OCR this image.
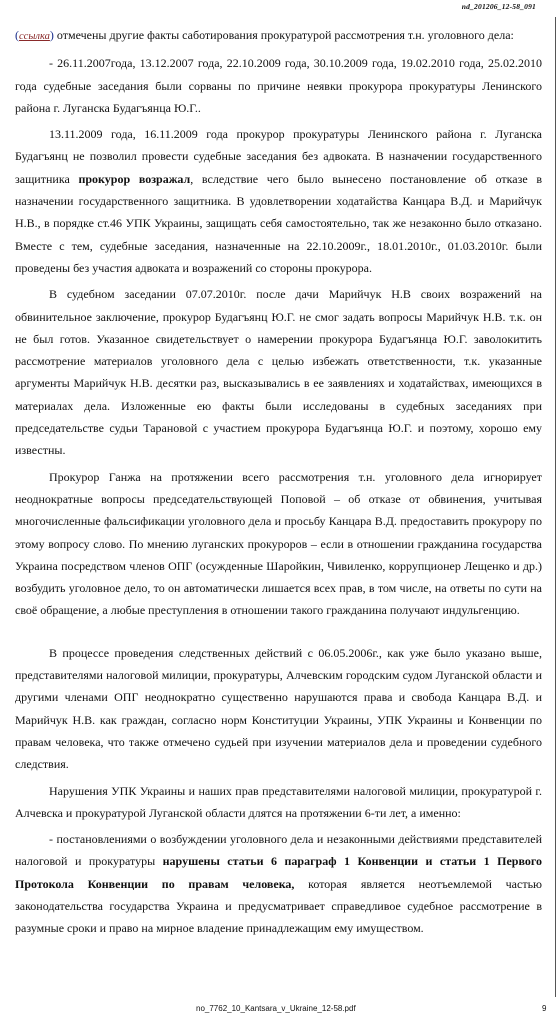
nd_201206_12-58_091

(ссылка) отмечены другие факты саботирования прокуратурой рассмотрения т.н. уголовного дела:

- 26.11.2007года, 13.12.2007 года, 22.10.2009 года, 30.10.2009 года, 19.02.2010 года, 25.02.2010 года судебные заседания были сорваны по причине неявки прокурора прокуратуры Ленинского района г. Луганска Будагъянца Ю.Г..

13.11.2009 года, 16.11.2009 года прокурор прокуратуры Ленинского района г. Луганска Будагъянц не позволил провести судебные заседания без адвоката. В назначении государственного защитника прокурор возражал, вследствие чего было вынесено постановление об отказе в назначении государственного защитника. В удовлетворении ходатайства Канцара В.Д. и Марийчук Н.В., в порядке ст.46 УПК Украины, защищать себя самостоятельно, так же незаконно было отказано. Вместе с тем, судебные заседания, назначенные на 22.10.2009г., 18.01.2010г., 01.03.2010г. были проведены без участия адвоката и возражений со стороны прокурора.

В судебном заседании 07.07.2010г. после дачи Марийчук Н.В своих возражений на обвинительное заключение, прокурор Будагъянц Ю.Г. не смог задать вопросы Марийчук Н.В. т.к. он не был готов. Указанное свидетельствует о намерении прокурора Будагъянца Ю.Г. заволокитить рассмотрение материалов уголовного дела с целью избежать ответственности, т.к. указанные аргументы Марийчук Н.В. десятки раз, высказывались в ее заявлениях и ходатайствах, имеющихся в материалах дела. Изложенные ею факты были исследованы в судебных заседаниях при председательстве судьи Тарановой с участием прокурора Будагъянца Ю.Г. и поэтому, хорошо ему известны.

Прокурор Ганжа на протяжении всего рассмотрения т.н. уголовного дела игнорирует неоднократные вопросы председательствующей Поповой – об отказе от обвинения, учитывая многочисленные фальсификации уголовного дела и просьбу Канцара В.Д. предоставить прокурору по этому вопросу слово. По мнению луганских прокуроров – если в отношении гражданина государства Украина посредством членов ОПГ (осужденные Шаройкин, Чивиленко, коррупционер Лещенко и др.) возбудить уголовное дело, то он автоматически лишается всех прав, в том числе, на ответы по сути на своё обращение, а любые преступления в отношении такого гражданина получают индульгенцию.

В процессе проведения следственных действий с 06.05.2006г., как уже было указано выше, представителями налоговой милиции, прокуратуры, Алчевским городским судом Луганской области и другими членами ОПГ неоднократно существенно нарушаются права и свобода Канцара В.Д. и Марийчук Н.В. как граждан, согласно норм Конституции Украины, УПК Украины и Конвенции по правам человека, что также отмечено судьей при изучении материалов дела и проведении судебного следствия.

Нарушения УПК Украины и наших прав представителями налоговой милиции, прокуратурой г. Алчевска и прокуратурой Луганской области длятся на протяжении 6-ти лет, а именно:

- постановлениями о возбуждении уголовного дела и незаконными действиями представителей налоговой и прокуратуры нарушены статьи 6 параграф 1 Конвенции и статьи 1 Первого Протокола Конвенции по правам человека, которая является неотъемлемой частью законодательства государства Украина и предусматривает справедливое судебное рассмотрение в разумные сроки и право на мирное владение принадлежащим ему имуществом.

no_7762_10_Kantsara_v_Ukraine_12-58.pdf	9
